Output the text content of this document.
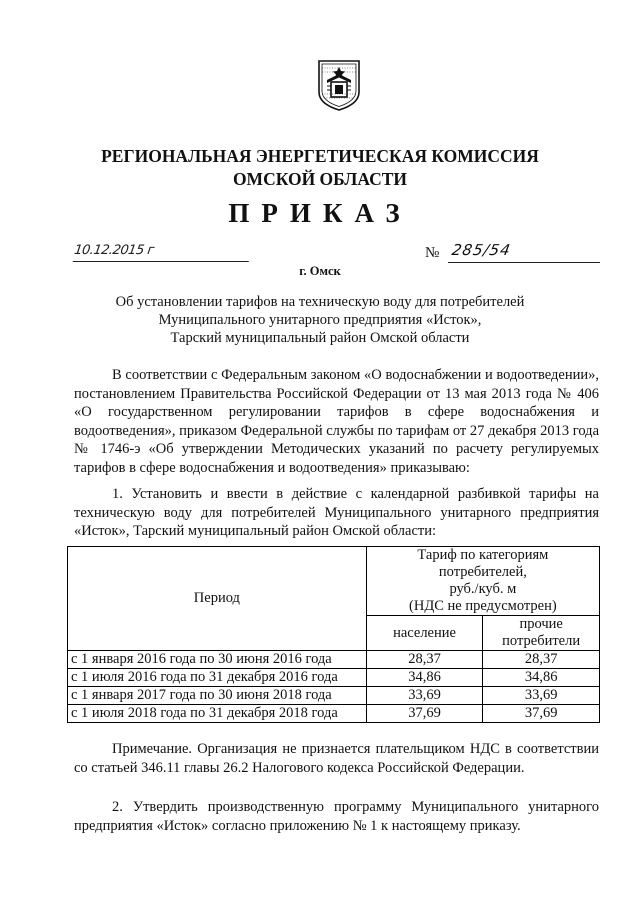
РЕГИОНАЛЬНАЯ ЭНЕРГЕТИЧЕСКАЯ КОМИССИЯ
ОМСКОЙ ОБЛАСТИ
ПРИКАЗ
10.12.2015 г	№ 285/54
г. Омск
Об установлении тарифов на техническую воду для потребителей
Муниципального унитарного предприятия «Исток»,
Тарский муниципальный район Омской области
В соответствии с Федеральным законом «О водоснабжении и водоотведении», постановлением Правительства Российской Федерации от 13 мая 2013 года № 406 «О государственном регулировании тарифов в сфере водоснабжения и водоотведения», приказом Федеральной службы по тарифам от 27 декабря 2013 года № 1746-э «Об утверждении Методических указаний по расчету регулируемых тарифов в сфере водоснабжения и водоотведения» приказываю:
1. Установить и ввести в действие с календарной разбивкой тарифы на техническую воду для потребителей Муниципального унитарного предприятия «Исток», Тарский муниципальный район Омской области:
Период	Тариф по категориям
потребителей,
руб./куб. м
(НДС не предусмотрен)	

	население	прочие
потребители

с 1 января 2016 года по 30 июня 2016 года	28,37	28,37
с 1 июля 2016 года по 31 декабря 2016 года	34,86	34,86
с 1 января 2017 года по 30 июня 2018 года	33,69	33,69
с 1 июля 2018 года по 31 декабря 2018 года	37,69	37,69
Примечание. Организация не признается плательщиком НДС в соответствии со статьей 346.11 главы 26.2 Налогового кодекса Российской Федерации.
2. Утвердить производственную программу Муниципального унитарного предприятия «Исток» согласно приложению № 1 к настоящему приказу.
